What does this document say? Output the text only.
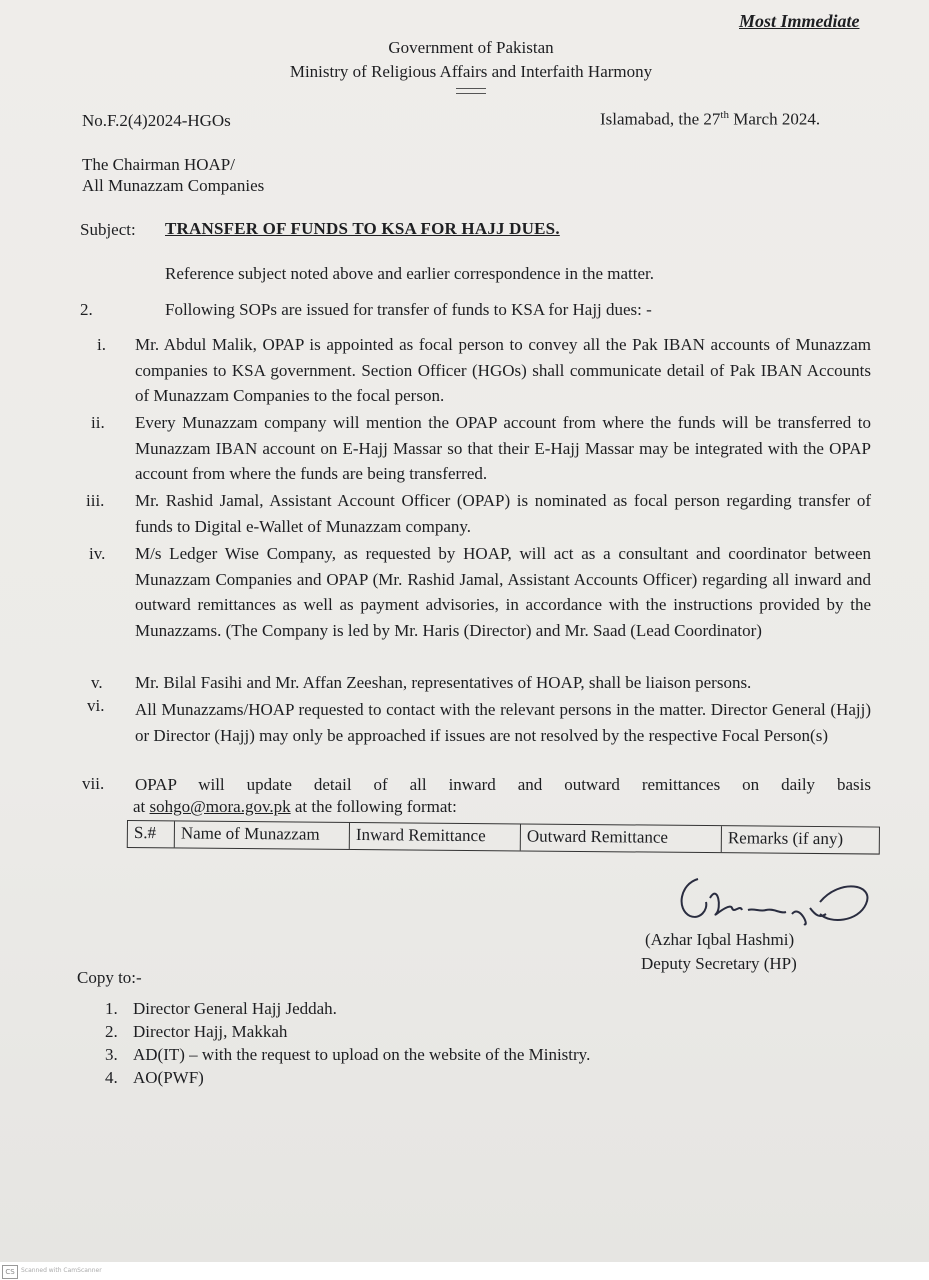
Most Immediate
Government of Pakistan
Ministry of Religious Affairs and Interfaith Harmony
No.F.2(4)2024-HGOs	Islamabad, the 27th March 2024.
The Chairman HOAP/
All Munazzam Companies
Subject: TRANSFER OF FUNDS TO KSA FOR HAJJ DUES.
Reference subject noted above and earlier correspondence in the matter.
2.	Following SOPs are issued for transfer of funds to KSA for Hajj dues: -
i. Mr. Abdul Malik, OPAP is appointed as focal person to convey all the Pak IBAN accounts of Munazzam companies to KSA government. Section Officer (HGOs) shall communicate detail of Pak IBAN Accounts of Munazzam Companies to the focal person.
ii. Every Munazzam company will mention the OPAP account from where the funds will be transferred to Munazzam IBAN account on E-Hajj Massar so that their E-Hajj Massar may be integrated with the OPAP account from where the funds are being transferred.
iii. Mr. Rashid Jamal, Assistant Account Officer (OPAP) is nominated as focal person regarding transfer of funds to Digital e-Wallet of Munazzam company.
iv. M/s Ledger Wise Company, as requested by HOAP, will act as a consultant and coordinator between Munazzam Companies and OPAP (Mr. Rashid Jamal, Assistant Accounts Officer) regarding all inward and outward remittances as well as payment advisories, in accordance with the instructions provided by the Munazzams. (The Company is led by Mr. Haris (Director) and Mr. Saad (Lead Coordinator)
v. Mr. Bilal Fasihi and Mr. Affan Zeeshan, representatives of HOAP, shall be liaison persons.
vi. All Munazzams/HOAP requested to contact with the relevant persons in the matter. Director General (Hajj) or Director (Hajj) may only be approached if issues are not resolved by the respective Focal Person(s)
vii. OPAP will update detail of all inward and outward remittances on daily basis
at sohgo@mora.gov.pk at the following format:
S.#	Name of Munazzam	Inward Remittance	Outward Remittance	Remarks (if any)
(Azhar Iqbal Hashmi)
Deputy Secretary (HP)
Copy to:-
1. Director General Hajj Jeddah.
2. Director Hajj, Makkah
3. AD(IT) – with the request to upload on the website of the Ministry.
4. AO(PWF)
CS	Scanned with CamScanner
